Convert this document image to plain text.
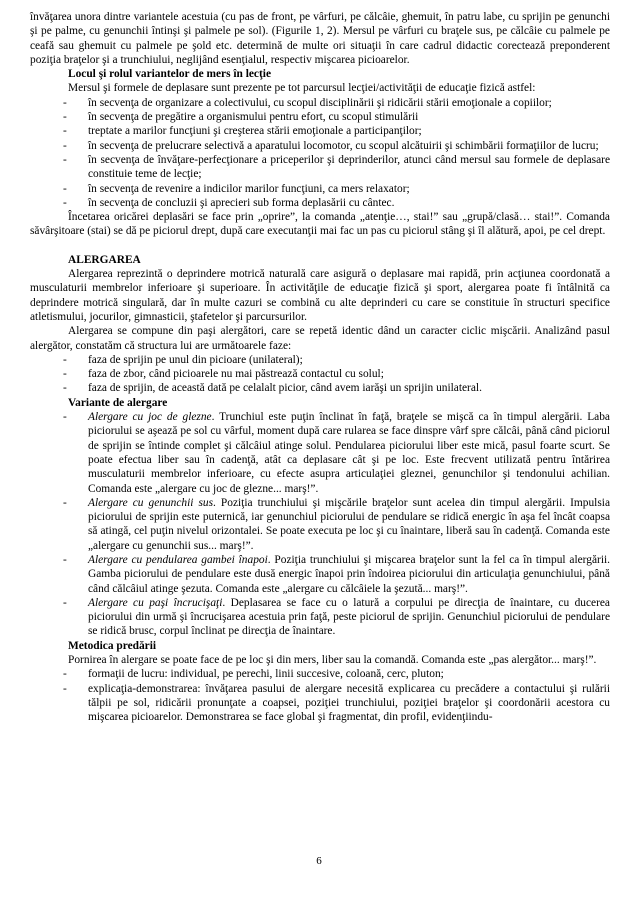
învăţarea unora dintre variantele acestuia (cu pas de front, pe vârfuri, pe călcâie, ghemuit, în patru labe, cu sprijin pe genunchi şi pe palme, cu genunchii întinşi şi palmele pe sol). (Figurile 1, 2). Mersul pe vârfuri cu braţele sus, pe călcâie cu palmele pe ceafă sau ghemuit cu palmele pe şold etc. determină de multe ori situaţii în care cadrul didactic corectează preponderent poziţia braţelor şi a trunchiului, neglijând esenţialul, respectiv mişcarea picioarelor.

Locul şi rolul variantelor de mers în lecţie

Mersul şi formele de deplasare sunt prezente pe tot parcursul lecţiei/activităţii de educaţie fizică astfel:

- în secvenţa de organizare a colectivului, cu scopul disciplinării şi ridicării stării emoţionale a copiilor;
- în secvenţa de pregătire a organismului pentru efort, cu scopul stimulării
- treptate a marilor funcţiuni şi creşterea stării emoţionale a participanţilor;
- în secvenţa de prelucrare selectivă a aparatului locomotor, cu scopul alcătuirii şi schimbării formaţiilor de lucru;
- în secvenţa de învăţare-perfecţionare a priceperilor şi deprinderilor, atunci când mersul sau formele de deplasare constituie teme de lecţie;
- în secvenţa de revenire a indicilor marilor funcţiuni, ca mers relaxator;
- în secvenţa de concluzii şi aprecieri sub forma deplasării cu cântec.

Încetarea oricărei deplasări se face prin „oprire”, la comanda „atenţie…, stai!” sau „grupă/clasă… stai!”. Comanda săvârşitoare (stai) se dă pe piciorul drept, după care executanţii mai fac un pas cu piciorul stâng şi îl alătură, apoi, pe cel drept.

ALERGAREA

Alergarea reprezintă o deprindere motrică naturală care asigură o deplasare mai rapidă, prin acţiunea coordonată a musculaturii membrelor inferioare şi superioare. În activităţile de educaţie fizică şi sport, alergarea poate fi întâlnită ca deprindere motrică singulară, dar în multe cazuri se combină cu alte deprinderi cu care se constituie în structuri specifice atletismului, jocurilor, gimnasticii, ştafetelor şi parcursurilor.

Alergarea se compune din paşi alergători, care se repetă identic dând un caracter ciclic mişcării. Analizând pasul alergător, constatăm că structura lui are următoarele faze:

- faza de sprijin pe unul din picioare (unilateral);
- faza de zbor, când picioarele nu mai păstrează contactul cu solul;
- faza de sprijin, de această dată pe celalalt picior, când avem iarăşi un sprijin unilateral.

Variante de alergare

- Alergare cu joc de glezne. Trunchiul este puţin înclinat în faţă, braţele se mişcă ca în timpul alergării. Laba piciorului se aşează pe sol cu vârful, moment după care rularea se face dinspre vârf spre călcâi, până când piciorul de sprijin se întinde complet şi călcâiul atinge solul. Pendularea piciorului liber este mică, pasul foarte scurt. Se poate efectua liber sau în cadenţă, atât ca deplasare cât şi pe loc. Este frecvent utilizată pentru întărirea musculaturii membrelor inferioare, cu efecte asupra articulaţiei gleznei, genunchilor şi tendonului achilian. Comanda este „alergare cu joc de glezne... marş!”.
- Alergare cu genunchii sus. Poziţia trunchiului şi mişcările braţelor sunt acelea din timpul alergării. Impulsia piciorului de sprijin este puternică, iar genunchiul piciorului de pendulare se ridică energic în aşa fel încât coapsa să atingă, cel puţin nivelul orizontalei. Se poate executa pe loc şi cu înaintare, liberă sau în cadenţă. Comanda este „alergare cu genunchii sus... marş!”.
- Alergare cu pendularea gambei înapoi. Poziţia trunchiului şi mişcarea braţelor sunt la fel ca în timpul alergării. Gamba piciorului de pendulare este dusă energic înapoi prin îndoirea piciorului din articulaţia genunchiului, până când călcâiul atinge şezuta. Comanda este „alergare cu călcâiele la şezută... marş!”.
- Alergare cu paşi încrucişaţi. Deplasarea se face cu o latură a corpului pe direcţia de înaintare, cu ducerea piciorului din urmă şi încrucişarea acestuia prin faţă, peste piciorul de sprijin. Genunchiul piciorului de pendulare se ridică brusc, corpul înclinat pe direcţia de înaintare.

Metodica predării

Pornirea în alergare se poate face de pe loc şi din mers, liber sau la comandă. Comanda este „pas alergător... marş!”.

- formaţii de lucru: individual, pe perechi, linii succesive, coloană, cerc, pluton;
- explicaţia-demonstrarea: învăţarea pasului de alergare necesită explicarea cu precădere a contactului şi rulării tălpii pe sol, ridicării pronunţate a coapsei, poziţiei trunchiului, poziţiei braţelor şi coordonării acestora cu mişcarea picioarelor. Demonstrarea se face global şi fragmentat, din profil, evidenţiindu-
6
